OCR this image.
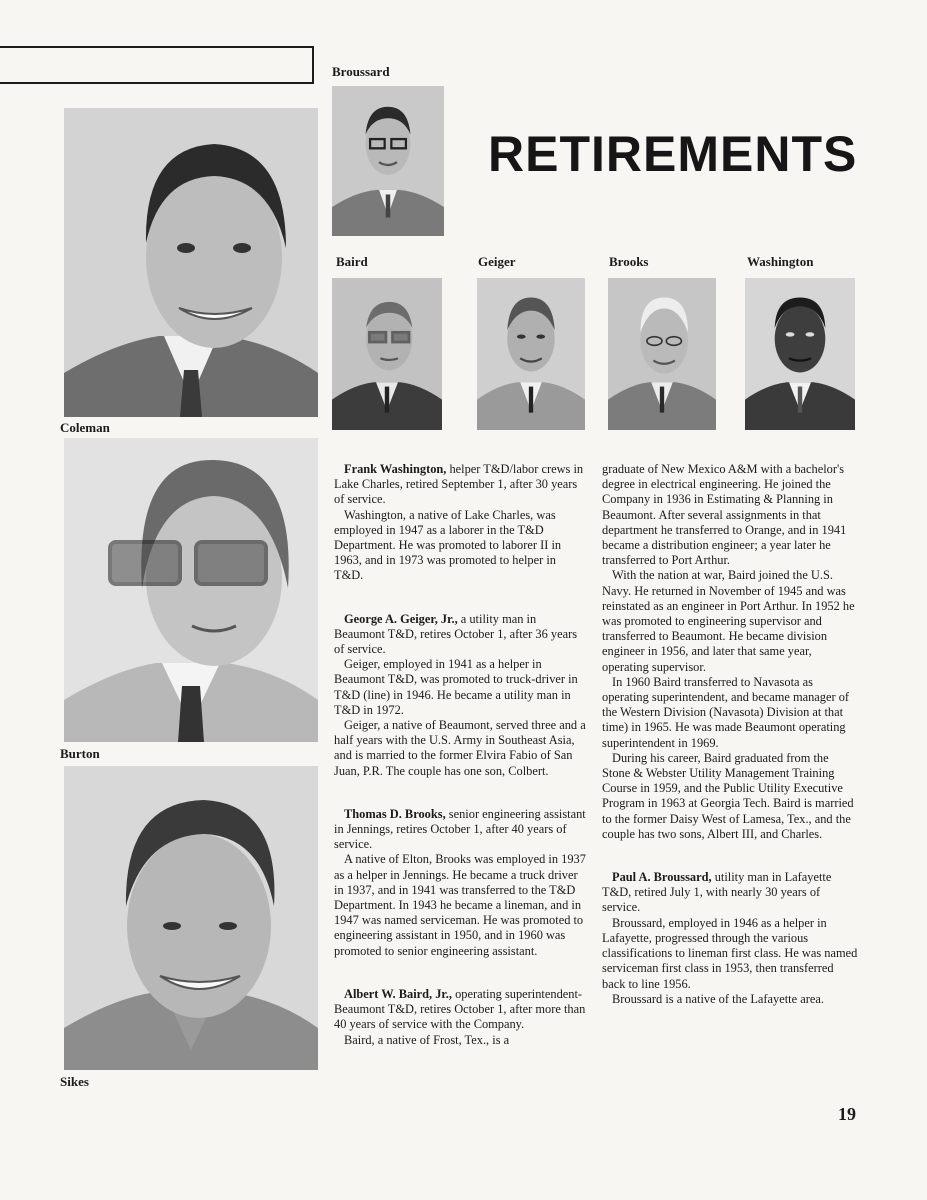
RETIREMENTS
Broussard
Coleman
Burton
Sikes
Baird	Geiger	Brooks	Washington

Frank Washington, helper T&D/labor crews in Lake Charles, retired September 1, after 30 years of service.

Washington, a native of Lake Charles, was employed in 1947 as a laborer in the T&D Department. He was promoted to laborer II in 1963, and in 1973 was promoted to helper in T&D.

George A. Geiger, Jr., a utility man in Beaumont T&D, retires October 1, after 36 years of service.

Geiger, employed in 1941 as a helper in Beaumont T&D, was promoted to truck-driver in T&D (line) in 1946. He became a utility man in T&D in 1972.

Geiger, a native of Beaumont, served three and a half years with the U.S. Army in Southeast Asia, and is married to the former Elvira Fabio of San Juan, P.R. The couple has one son, Colbert.

Thomas D. Brooks, senior engineering assistant in Jennings, retires October 1, after 40 years of service.

A native of Elton, Brooks was employed in 1937 as a helper in Jennings. He became a truck driver in 1937, and in 1941 was transferred to the T&D Department. In 1943 he became a lineman, and in 1947 was named serviceman. He was promoted to engineering assistant in 1950, and in 1960 was promoted to senior engineering assistant.

Albert W. Baird, Jr., operating superintendent-Beaumont T&D, retires October 1, after more than 40 years of service with the Company.

Baird, a native of Frost, Tex., is a

graduate of New Mexico A&M with a bachelor's degree in electrical engineering. He joined the Company in 1936 in Estimating & Planning in Beaumont. After several assignments in that department he transferred to Orange, and in 1941 became a distribution engineer; a year later he transferred to Port Arthur.

With the nation at war, Baird joined the U.S. Navy. He returned in November of 1945 and was reinstated as an engineer in Port Arthur. In 1952 he was promoted to engineering supervisor and transferred to Beaumont. He became division engineer in 1956, and later that same year, operating supervisor.

In 1960 Baird transferred to Navasota as operating superintendent, and became manager of the Western Division (Navasota) Division at that time) in 1965. He was made Beaumont operating superintendent in 1969.

During his career, Baird graduated from the Stone & Webster Utility Management Training Course in 1959, and the Public Utility Executive Program in 1963 at Georgia Tech. Baird is married to the former Daisy West of Lamesa, Tex., and the couple has two sons, Albert III, and Charles.

Paul A. Broussard, utility man in Lafayette T&D, retired July 1, with nearly 30 years of service.

Broussard, employed in 1946 as a helper in Lafayette, progressed through the various classifications to lineman first class. He was named serviceman first class in 1953, then transferred back to line 1956.

Broussard is a native of the Lafayette area.

19
